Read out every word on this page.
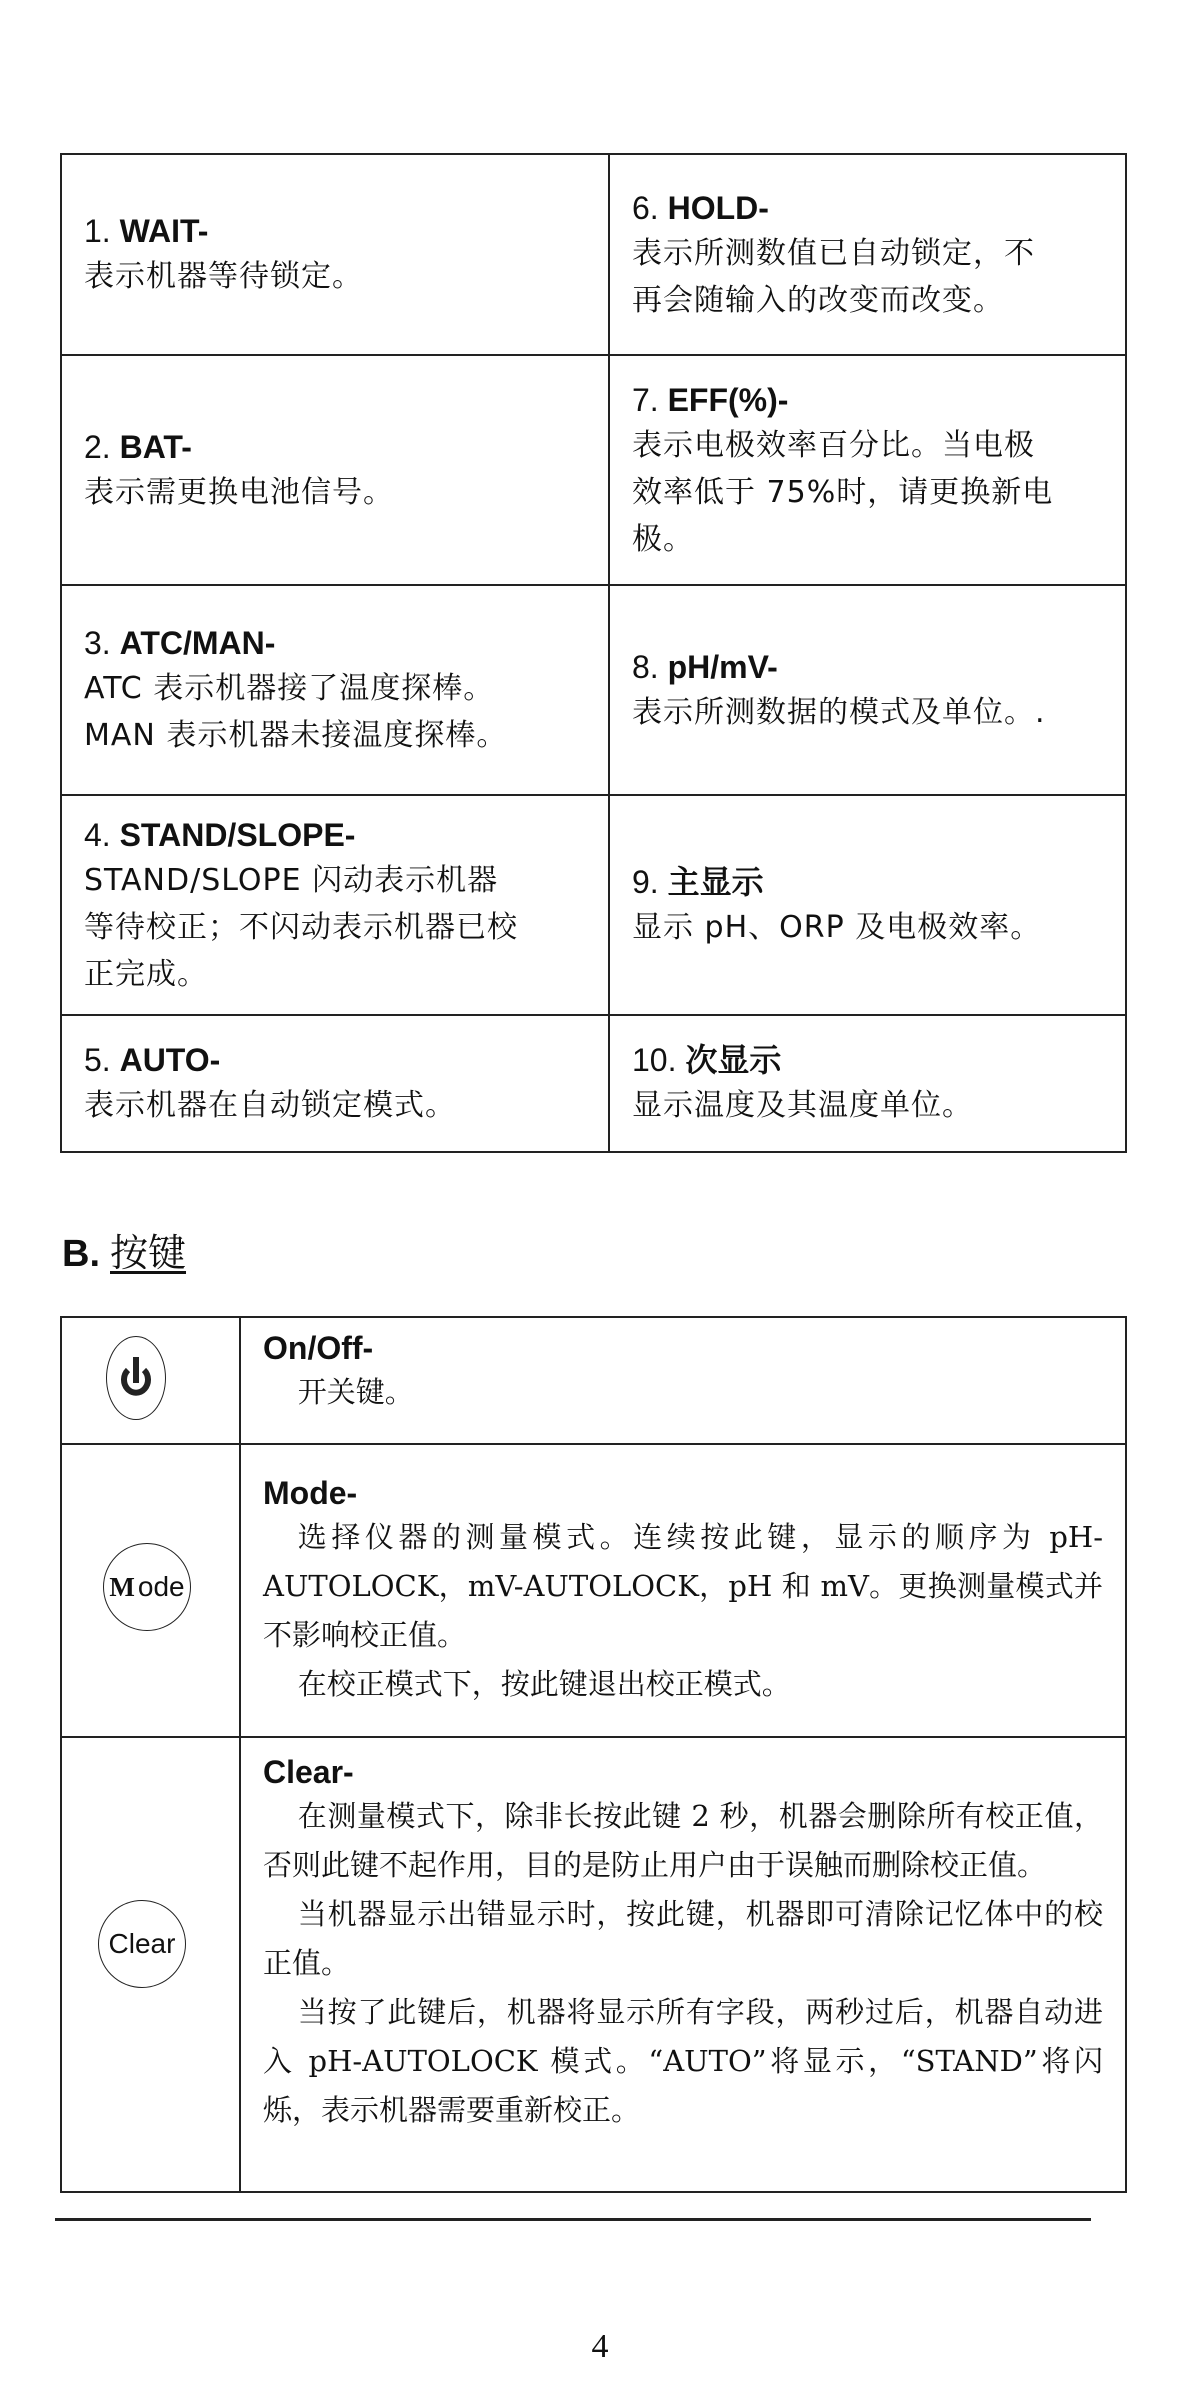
1. WAIT-
表示机器等待锁定。
6. HOLD-
表示所测数值已自动锁定，不
再会随输入的改变而改变。
2. BAT-
表示需更换电池信号。
7. EFF(%)-
表示电极效率百分比。当电极
效率低于 75%时，请更换新电
极。
3. ATC/MAN-
ATC 表示机器接了温度探棒。
MAN 表示机器未接温度探棒。
8. pH/mV-
表示所测数据的模式及单位。.
4. STAND/SLOPE-
STAND/SLOPE 闪动表示机器
等待校正；不闪动表示机器已校
正完成。
9. 主显示
显示 pH、ORP 及电极效率。
5. AUTO-
表示机器在自动锁定模式。
10. 次显示
显示温度及其温度单位。
B. 按键
On/Off-

开关键。

M ode
Mode-

选择仪器的测量模式。连续按此键，显示的顺序为 pH-AUTOLOCK，mV-AUTOLOCK，pH 和 mV。更换测量模式并不影响校正值。

在校正模式下，按此键退出校正模式。

Clear
Clear-

在测量模式下，除非长按此键 2 秒，机器会删除所有校正值，否则此键不起作用，目的是防止用户由于误触而删除校正值。

当机器显示出错显示时，按此键，机器即可清除记忆体中的校正值。

当按了此键后，机器将显示所有字段，两秒过后，机器自动进入 pH-AUTOLOCK 模式。“AUTO”将显示，“STAND”将闪烁，表示机器需要重新校正。

4
